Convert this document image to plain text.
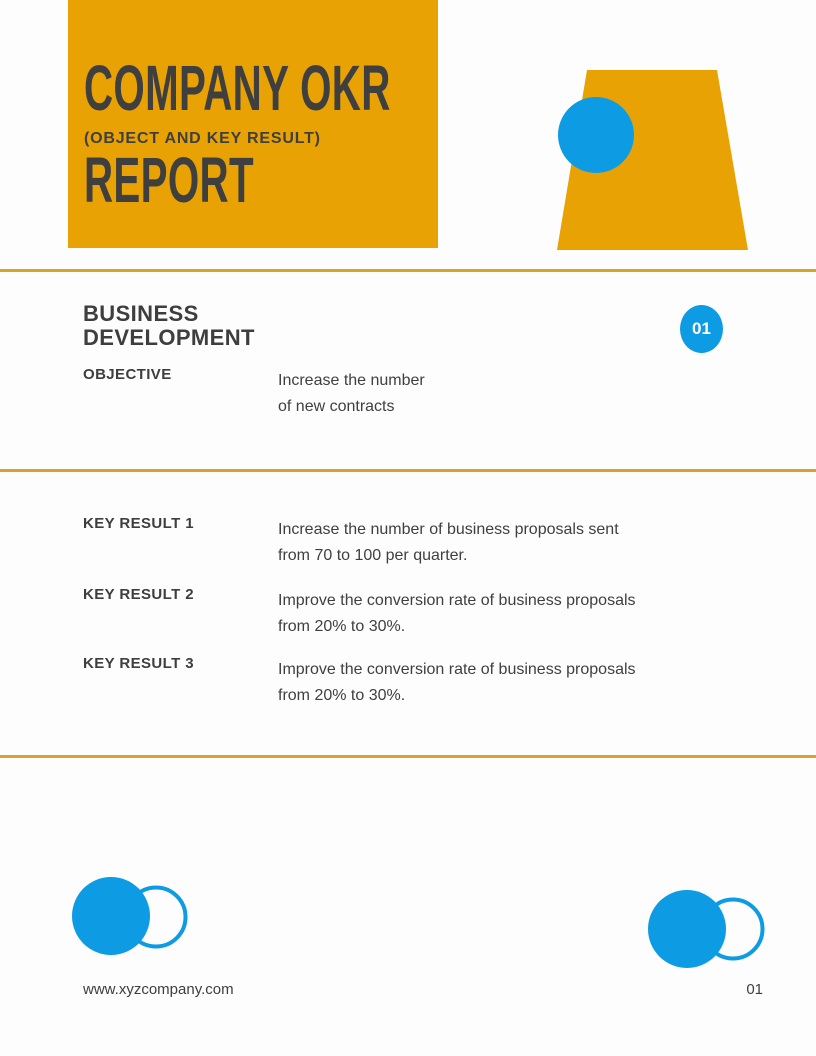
COMPANY OKR
(OBJECT AND KEY RESULT)
REPORT
BUSINESS
DEVELOPMENT	01
OBJECTIVE	Increase the number
of new contracts
KEY RESULT 1	Increase the number of business proposals sent
from 70 to 100 per quarter.
KEY RESULT 2	Improve the conversion rate of business proposals
from 20% to 30%.
KEY RESULT 3	Improve the conversion rate of business proposals
from 20% to 30%.
www.xyzcompany.com	01
